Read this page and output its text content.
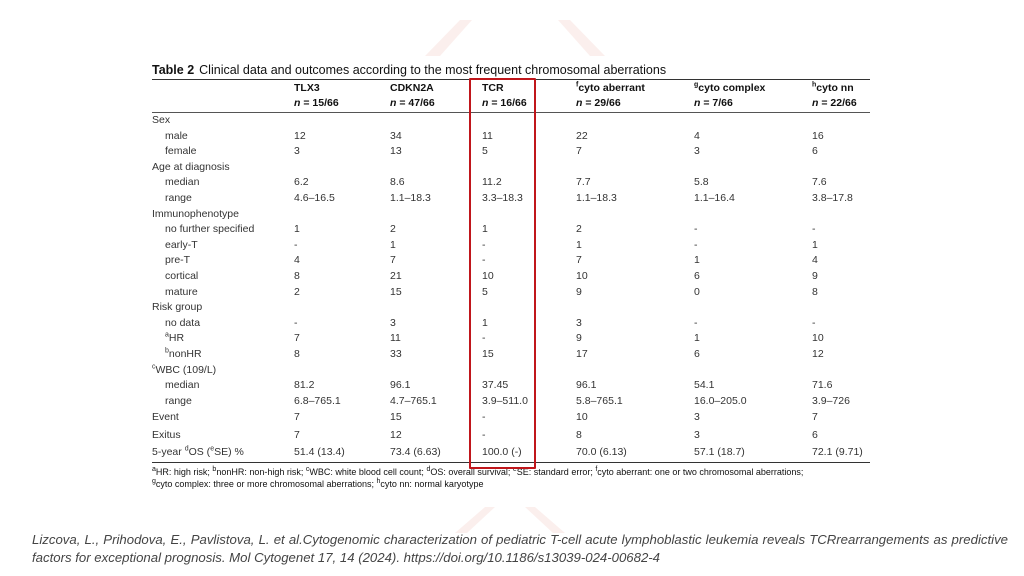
Table 2 Clinical data and outcomes according to the most frequent chromosomal aberrations
	TLX3	CDKN2A	TCR	$^f$cyto aberrant	$^g$cyto complex	$^h$cyto nn
	n = 15/66	n = 47/66	n = 16/66	n = 29/66	n = 7/66	n = 22/66

Sex						
male	12	34	11	22	4	16
female	3	13	5	7	3	6
Age at diagnosis						
median	6.2	8.6	11.2	7.7	5.8	7.6
range	4.6–16.5	1.1–18.3	3.3–18.3	1.1–18.3	1.1–16.4	3.8–17.8
Immunophenotype						
no further specified	1	2	1	2	-	-
early-T	-	1	-	1	-	1
pre-T	4	7	-	7	1	4
cortical	8	21	10	10	6	9
mature	2	15	5	9	0	8
Risk group						
no data	-	3	1	3	-	-
$^a$HR	7	11	-	9	1	10
$^b$nonHR	8	33	15	17	6	12
$^c$WBC (109/L)						
median	81.2	96.1	37.45	96.1	54.1	71.6
range	6.8–765.1	4.7–765.1	3.9–511.0	5.8–765.1	16.0–205.0	3.9–726
Event	7	15	-	10	3	7
Exitus	7	12	-	8	3	6
5-year $^d$OS ($^e$SE) %	51.4 (13.4)	73.4 (6.63)	100.0 (-)	70.0 (6.13)	57.1 (18.7)	72.1 (9.71)
$^a$HR: high risk; $^b$nonHR: non-high risk; $^c$WBC: white blood cell count; $^d$OS: overall survival; $^e$SE: standard error; $^f$cyto aberrant: one or two chromosomal aberrations;
$^g$cyto complex: three or more chromosomal aberrations; $^h$cyto nn: normal karyotype
Lizcova, L., Prihodova, E., Pavlistova, L. et al.Cytogenomic characterization of pediatric T-cell acute lymphoblastic leukemia reveals TCRrearrangements as predictive factors for exceptional prognosis. Mol Cytogenet 17, 14 (2024). https://doi.org/10.1186/s13039-024-00682-4
